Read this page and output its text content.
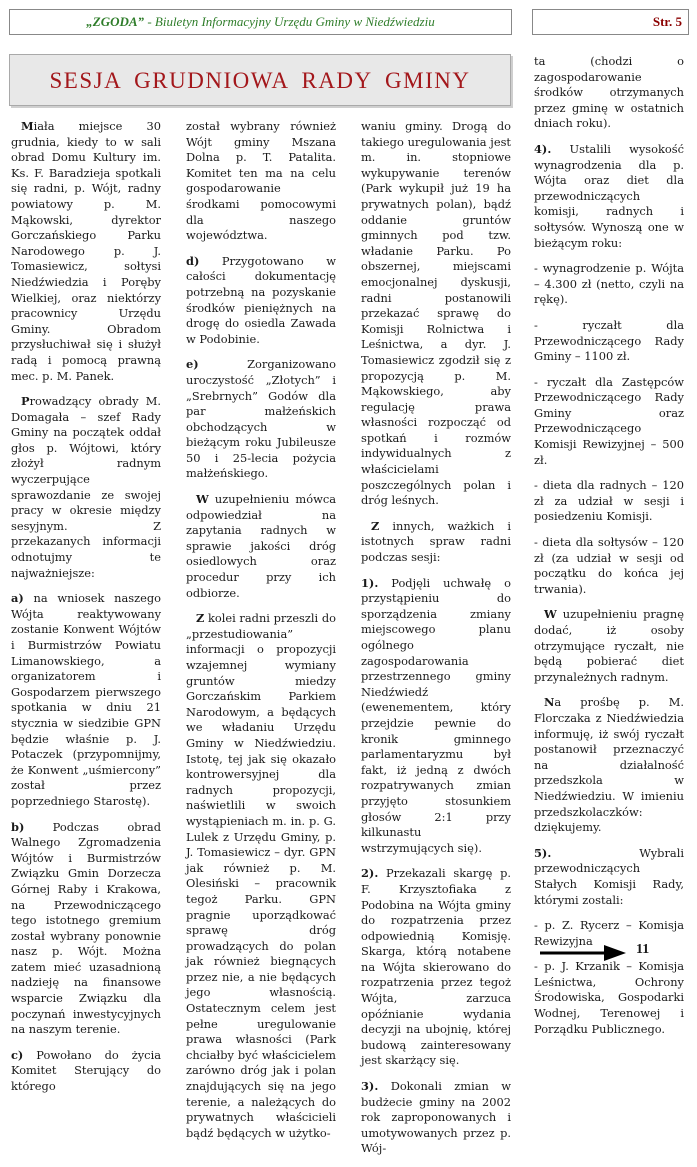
„ZGODA” - Biuletyn Informacyjny Urzędu Gminy w Niedźwiedziu	Str. 5
SESJA GRUDNIOWA RADY GMINY

Miała miejsce 30 grudnia, kiedy to w sali obrad Domu Kultury im. Ks. F. Baradzieja spotkali się radni, p. Wójt, radny powiatowy p. M. Mąkowski, dyrektor Gorczańskiego Parku Narodowego p. J. Tomasiewicz, sołtysi Niedźwiedzia i Poręby Wielkiej, oraz niektórzy pracownicy Urzędu Gminy. Obradom przysłuchiwał się i służył radą i pomocą prawną mec. p. M. Panek.

Prowadzący obrady M. Domagała – szef Rady Gminy na początek oddał głos p. Wójtowi, który złożył radnym wyczerpujące sprawozdanie ze swojej pracy w okresie między sesyjnym. Z przekazanych informacji odnotujmy te najważniejsze:

a) na wniosek naszego Wójta reaktywowany zostanie Konwent Wójtów i Burmistrzów Powiatu Limanowskiego, a organizatorem i Gospodarzem pierwszego spotkania w dniu 21 stycznia w siedzibie GPN będzie właśnie p. J. Potaczek (przypomnijmy, że Konwent „uśmiercony” został przez poprzedniego Starostę).

b) Podczas obrad Walnego Zgromadzenia Wójtów i Burmistrzów Związku Gmin Dorzecza Górnej Raby i Krakowa, na Przewodniczącego tego istotnego gremium został wybrany ponownie nasz p. Wójt. Można zatem mieć uzasadnioną nadzieję na finansowe wsparcie Związku dla poczynań inwestycyjnych na naszym terenie.

c) Powołano do życia Komitet Sterujący do którego

został wybrany również Wójt gminy Mszana Dolna p. T. Patalita. Komitet ten ma na celu gospodarowanie środkami pomocowymi dla naszego województwa.

d) Przygotowano w całości dokumentację potrzebną na pozyskanie środków pieniężnych na drogę do osiedla Zawada w Podobinie.

e) Zorganizowano uroczystość „Złotych” i „Srebrnych” Godów dla par małżeńskich obchodzących w bieżącym roku Jubileusze 50 i 25-lecia pożycia małżeńskiego.

W uzupełnieniu mówca odpowiedział na zapytania radnych w sprawie jakości dróg osiedlowych oraz procedur przy ich odbiorze.

Z kolei radni przeszli do „przestudiowania” informacji o propozycji wzajemnej wymiany gruntów miedzy Gorczańskim Parkiem Narodowym, a będących we władaniu Urzędu Gminy w Niedźwiedziu. Istotę, tej jak się okazało kontrowersyjnej dla radnych propozycji, naświetlili w swoich wystąpieniach m. in. p. G. Lulek z Urzędu Gminy, p. J. Tomasiewicz – dyr. GPN jak również p. M. Olesiński – pracownik tegoż Parku. GPN pragnie uporządkować sprawę dróg prowadzących do polan jak również biegnących przez nie, a nie będących jego własnością. Ostatecznym celem jest pełne uregulowanie prawa własności (Park chciałby być właścicielem zarówno dróg jak i polan znajdujących się na jego terenie, a należących do prywatnych właścicieli bądź będących w użytko-

waniu gminy. Drogą do takiego uregulowania jest m. in. stopniowe wykupywanie terenów (Park wykupił już 19 ha prywatnych polan), bądź oddanie gruntów gminnych pod tzw. władanie Parku. Po obszernej, miejscami emocjonalnej dyskusji, radni postanowili przekazać sprawę do Komisji Rolnictwa i Leśnictwa, a dyr. J. Tomasiewicz zgodził się z propozycją p. M. Mąkowskiego, aby regulację prawa własności rozpocząć od spotkań i rozmów indywidualnych z właścicielami poszczególnych polan i dróg leśnych.

Z innych, ważkich i istotnych spraw radni podczas sesji:

1). Podjęli uchwałę o przystąpieniu do sporządzenia zmiany miejscowego planu ogólnego zagospodarowania przestrzennego gminy Niedźwiedź (ewenementem, który przejdzie pewnie do kronik gminnego parlamentaryzmu był fakt, iż jedną z dwóch rozpatrywanych zmian przyjęto stosunkiem głosów 2:1 przy kilkunastu wstrzymujących się).

2). Przekazali skargę p. F. Krzysztofiaka z Podobina na Wójta gminy do rozpatrzenia przez odpowiednią Komisję. Skarga, którą notabene na Wójta skierowano do rozpatrzenia przez tegoż Wójta, zarzuca opóźnianie wydania decyzji na ubojnię, której budową zainteresowany jest skarżący się.

3). Dokonali zmian w budżecie gminy na 2002 rok zaproponowanych i umotywowanych przez p. Wój-

ta (chodzi o zagospodarowanie środków otrzymanych przez gminę w ostatnich dniach roku).

4). Ustalili wysokość wynagrodzenia dla p. Wójta oraz diet dla przewodniczących komisji, radnych i sołtysów. Wynoszą one w bieżącym roku:

- wynagrodzenie p. Wójta – 4.300 zł (netto, czyli na rękę).

- ryczałt dla Przewodniczącego Rady Gminy – 1100 zł.

- ryczałt dla Zastępców Przewodniczącego Rady Gminy oraz Przewodniczącego Komisji Rewizyjnej – 500 zł.

- dieta dla radnych – 120 zł za udział w sesji i posiedzeniu Komisji.

- dieta dla sołtysów – 120 zł (za udział w sesji od początku do końca jej trwania).

W uzupełnieniu pragnę dodać, iż osoby otrzymujące ryczałt, nie będą pobierać diet przynależnych radnym.

Na prośbę p. M. Florczaka z Niedźwiedzia informuję, iż swój ryczałt postanowił przeznaczyć na działalność przedszkola w Niedźwiedziu. W imieniu przedszkolaczków: dziękujemy.

5). Wybrali przewodniczących Stałych Komisji Rady, którymi zostali:

- p. Z. Rycerz – Komisja Rewizyjna

- p. J. Krzanik – Komisja Leśnictwa, Ochrony Środowiska, Gospodarki Wodnej, Terenowej i Porządku Publicznego.

11
